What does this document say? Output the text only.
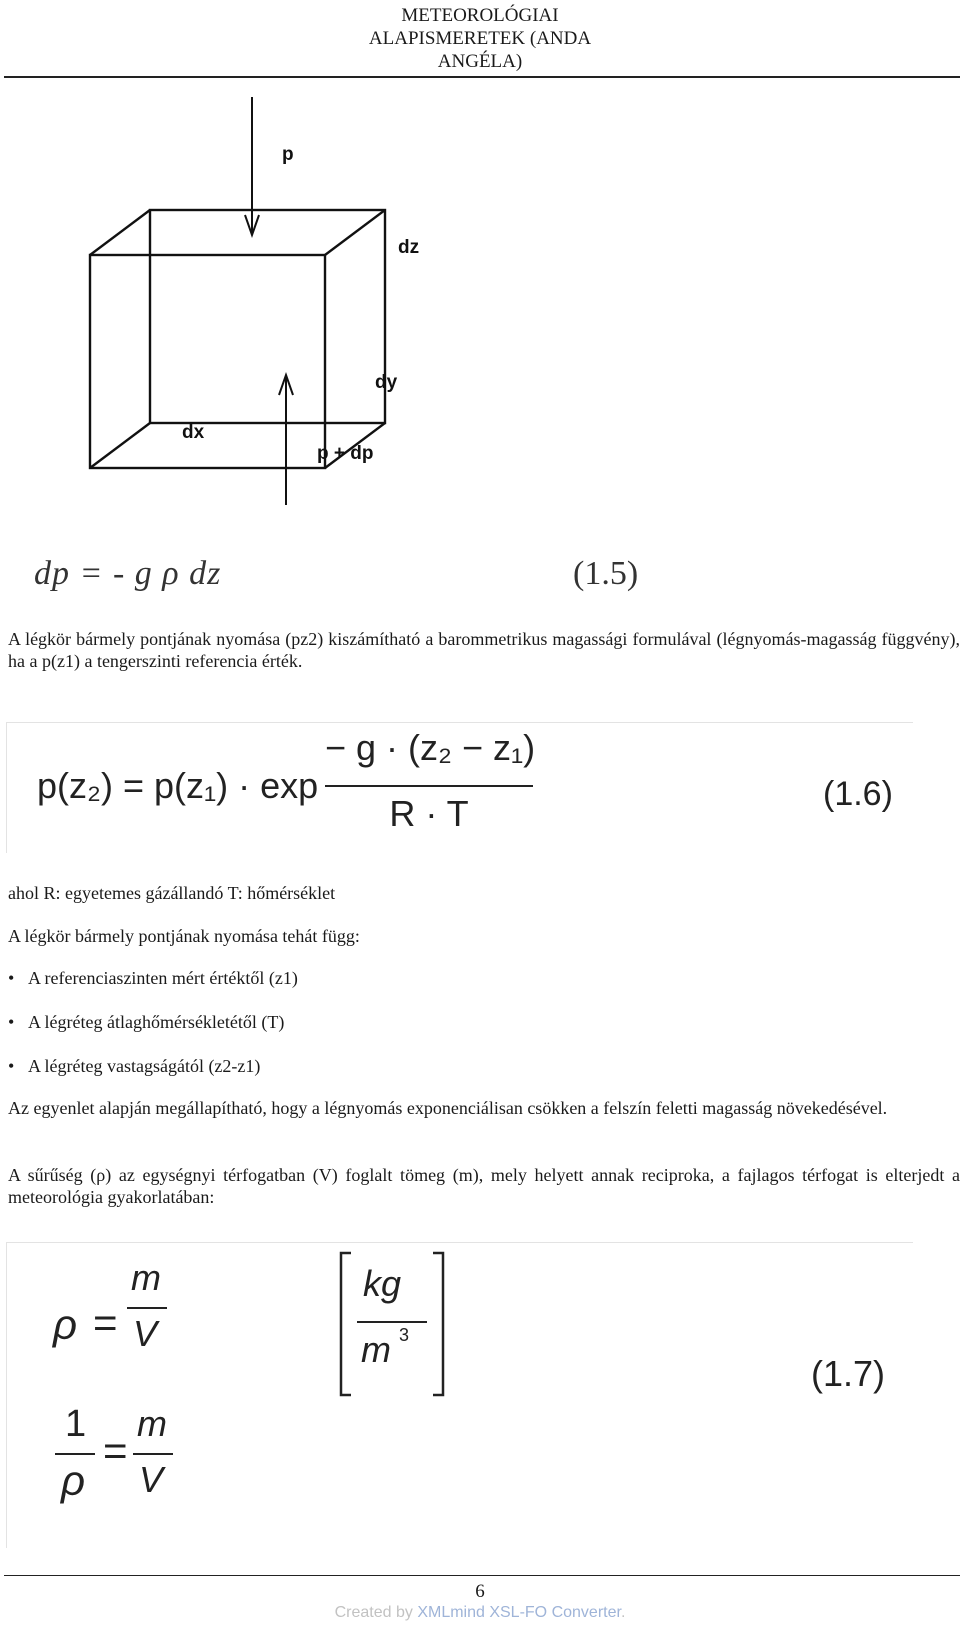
METEOROLÓGIAI
ALAPISMERETEK (ANDA
ANGÉLA)
p
dz
dy
dx
p + dp
dp = - g ρ dz	(1.5)
A légkör bármely pontjának nyomása (pz2) kiszámítható a barommetrikus magassági formulával (légnyomás-magasság függvény), ha a p(z1) a tengerszinti referencia érték.
p(z₂) = p(z₁) · exp
− g · (z₂ − z₁)
R · T	(1.6)
ahol R: egyetemes gázállandó T: hőmérséklet
A légkör bármely pontjának nyomása tehát függ:
• A referenciaszinten mért értéktől (z1)
• A légréteg átlaghőmérsékletétől (T)
• A légréteg vastagságától (z2-z1)
Az egyenlet alapján megállapítható, hogy a légnyomás exponenciálisan csökken a felszín feletti magasság növekedésével.
A sűrűség (ρ) az egységnyi térfogatban (V) foglalt tömeg (m), mely helyett annak reciproka, a fajlagos térfogat is elterjedt a meteorológia gyakorlatában:
ρ =
m
V
kg
m 3
1
ρ
=
m
V
(1.7)
6
Created by XMLmind XSL-FO Converter.
